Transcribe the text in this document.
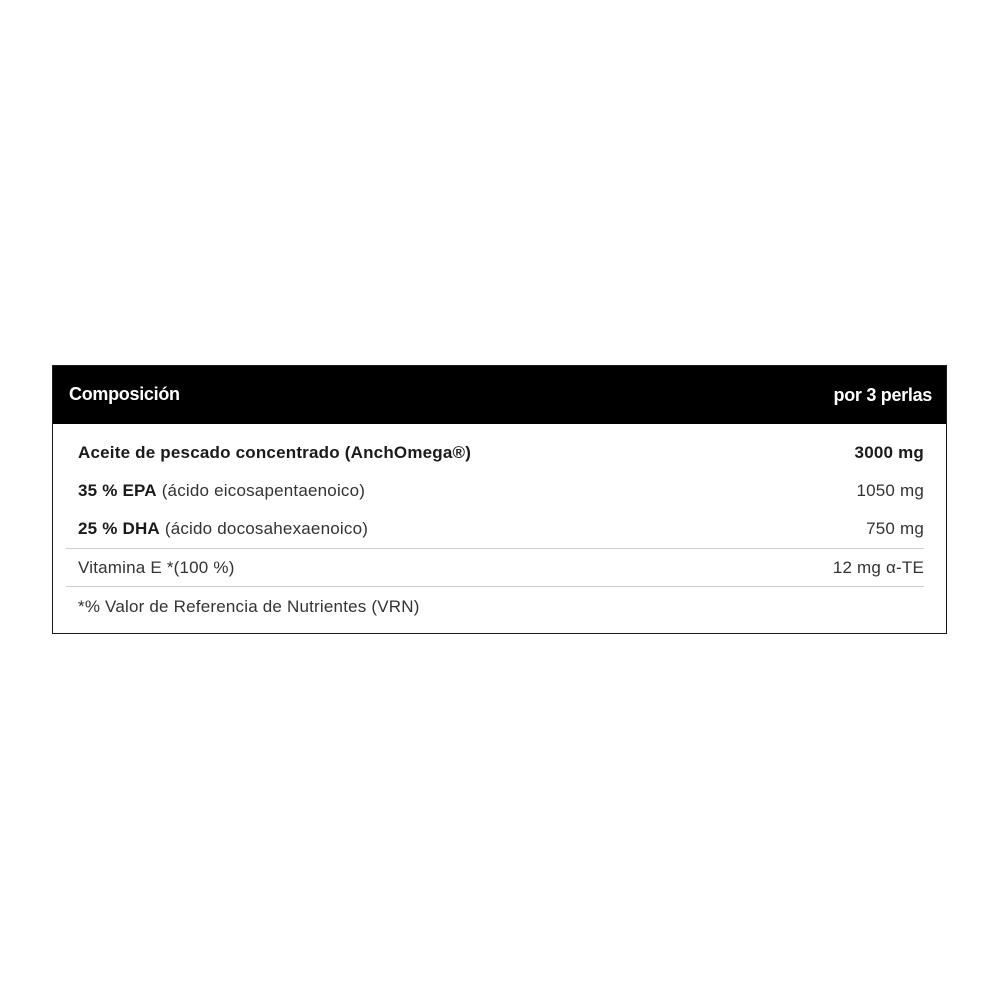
Composición	por 3 perlas
Aceite de pescado concentrado (AnchOmega®)	3000 mg
35 % EPA (ácido eicosapentaenoico)	1050 mg
25 % DHA (ácido docosahexaenoico)	750 mg
Vitamina E *(100 %)	12 mg α-TE
*% Valor de Referencia de Nutrientes (VRN)
